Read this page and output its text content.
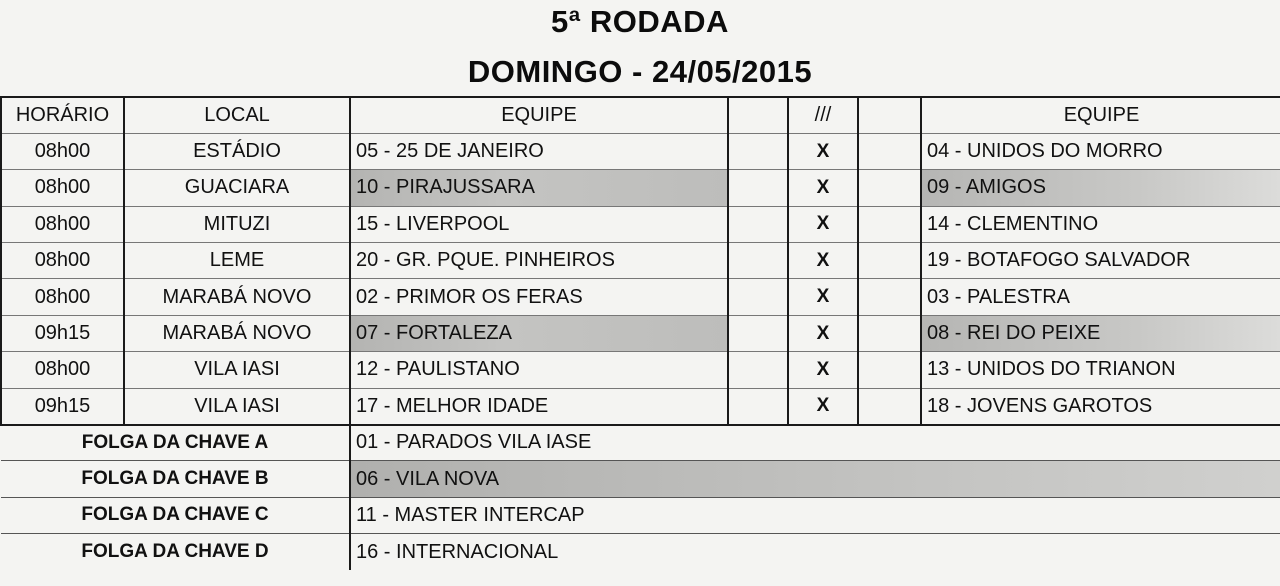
5ª RODADA
DOMINGO - 24/05/2015
HORÁRIO	LOCAL	EQUIPE		///		EQUIPE
08h00	ESTÁDIO	05 - 25 DE JANEIRO		X		04 - UNIDOS DO MORRO
08h00	GUACIARA	10 - PIRAJUSSARA		X		09 - AMIGOS
08h00	MITUZI	15 - LIVERPOOL		X		14 - CLEMENTINO
08h00	LEME	20 - GR. PQUE. PINHEIROS		X		19 - BOTAFOGO SALVADOR
08h00	MARABÁ NOVO	02 - PRIMOR OS FERAS		X		03 - PALESTRA
09h15	MARABÁ NOVO	07 - FORTALEZA		X		08 - REI DO PEIXE
08h00	VILA IASI	12 - PAULISTANO		X		13 - UNIDOS DO TRIANON
09h15	VILA IASI	17 - MELHOR IDADE		X		18 - JOVENS GAROTOS
FOLGA DA CHAVE A		01 - PARADOS VILA IASE				
FOLGA DA CHAVE B		06 - VILA NOVA				
FOLGA DA CHAVE C		11 - MASTER INTERCAP				
FOLGA DA CHAVE D		16 - INTERNACIONAL				
